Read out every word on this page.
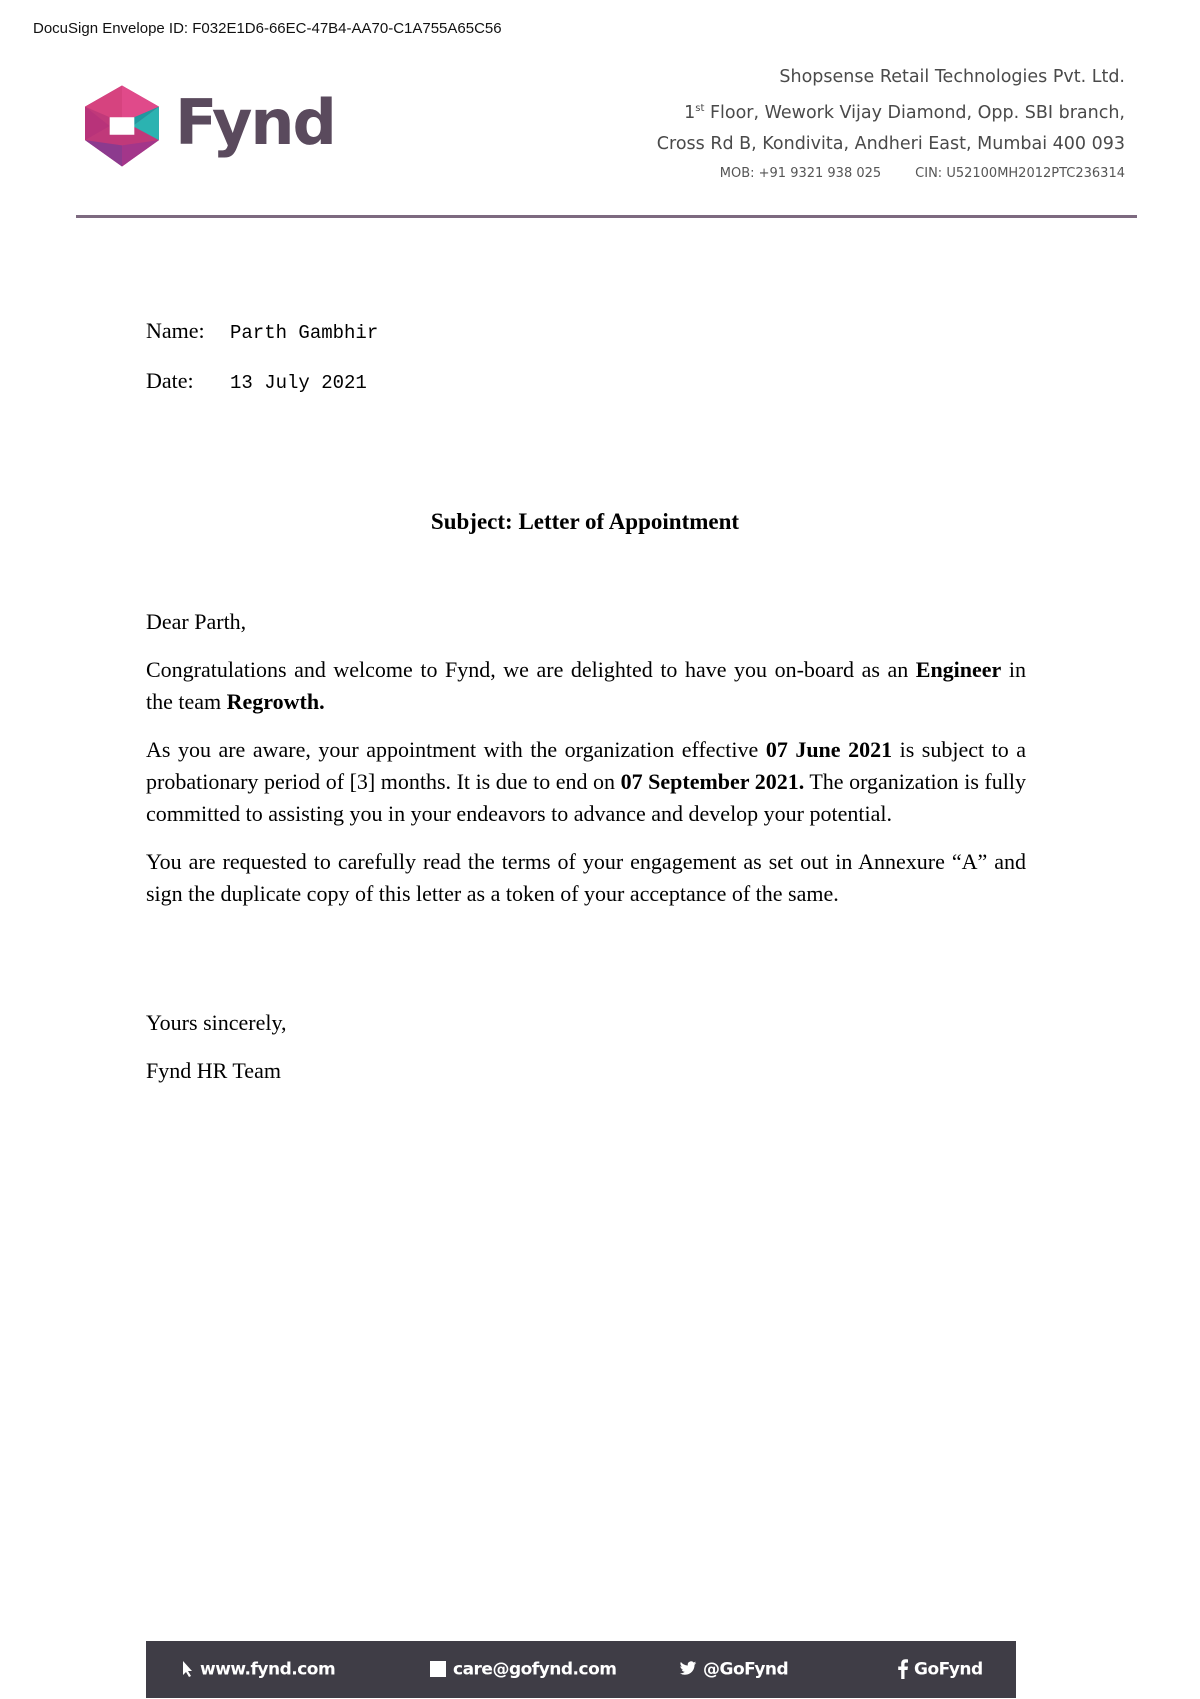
DocuSign Envelope ID: F032E1D6-66EC-47B4-AA70-C1A755A65C56
Fynd
Shopsense Retail Technologies Pvt. Ltd.
1st Floor, Wework Vijay Diamond, Opp. SBI branch,
Cross Rd B, Kondivita, Andheri East, Mumbai 400 093
MOB: +91 9321 938 025	CIN: U52100MH2012PTC236314
Name: Parth Gambhir
Date: 13 July 2021
Subject: Letter of Appointment

Dear Parth,

Congratulations and welcome to Fynd, we are delighted to have you on-board as an Engineer in the team Regrowth.

As you are aware, your appointment with the organization effective 07 June 2021 is subject to a probationary period of [3] months. It is due to end on 07 September 2021. The organization is fully committed to assisting you in your endeavors to advance and develop your potential.

You are requested to carefully read the terms of your engagement as set out in Annexure “A” and sign the duplicate copy of this letter as a token of your acceptance of the same.

Yours sincerely,
Fynd HR Team
www.fynd.com	care@gofynd.com	@GoFynd	GoFynd
